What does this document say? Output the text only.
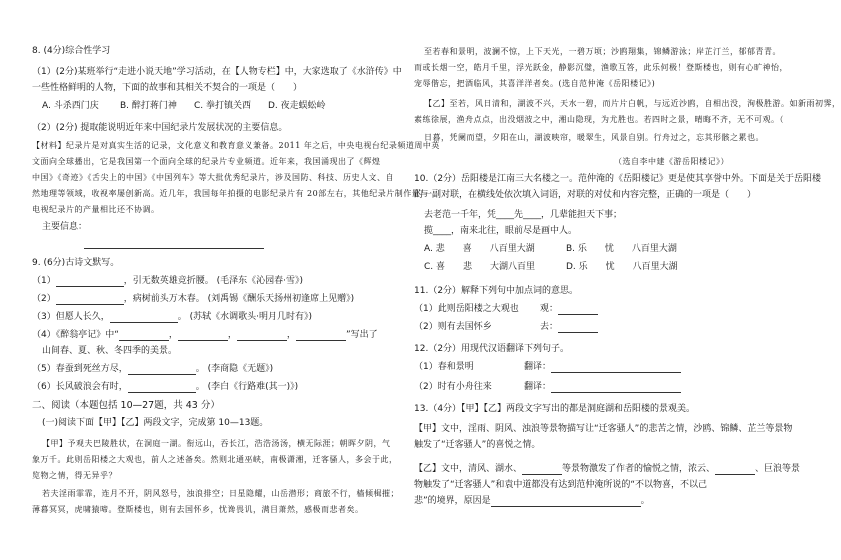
8. (4分)综合性学习
（1）(2分)某班举行“走进小说天地”学习活动，在【人物专栏】中，大家选取了《水浒传》中
一些性格鲜明的人物，下面的故事和其相关不契合的一项是（　　）
A. 斗杀西门庆 B. 醉打蒋门神 C. 拳打镇关西 D. 夜走蜈蚣岭
（2）(2分) 提取能说明近年来中国纪录片发展状况的主要信息。
【材料】纪录片是对真实生活的记录，文化意义和教育意义兼备。2011 年之后，中央电视台纪录频道周中英
文面向全球播出，它是我国第一个面向全球的纪录片专业频道。近年来，我国涌现出了《辉煌
中国》《奇迹》《舌尖上的中国》《中国列车》等大批优秀纪录片，涉及国防、科技、历史人文、自
然地理等领域，收视率屡创新高。近几年，我国每年拍摄的电影纪录片有 20部左右，其他纪录片制作量与
电视纪录片的产量相比还不协调。
主要信息：
9. (6分)古诗文默写。
（1）	，引无数英雄竞折腰。 (毛泽东《沁园春·雪》)
（2）	，病树前头万木春。 (刘禹锡《酬乐天扬州初逢席上见赠》)
（3）但愿人长久，	。 (苏轼《水调歌头·明月几时有》)
（4）《醉翁亭记》中“	，	，	，	”写出了
山间春、夏、秋、冬四季的美景。
（5）春蚕到死丝方尽，	。 (李商隐《无题》)
（6）长风破浪会有时，	。 (李白《行路难(其一)》)
二、阅读（本题包括 10—27题，共 43 分）
(一)阅读下面【甲】【乙】两段文字，完成第 10—13题。
【甲】予观夫巴陵胜状，在洞庭一湖。衔远山，吞长江，浩浩汤汤，横无际涯；朝晖夕阴，气
象万千。此则岳阳楼之大观也，前人之述备矣。然则北通巫峡，南极潇湘，迁客骚人，多会于此，
览物之情，得无异乎？
若夫淫雨霏霏，连月不开，阴风怒号，浊浪排空；日星隐耀，山岳潜形；商旅不行，樯倾楫摧；
薄暮冥冥，虎啸猿啼。登斯楼也，则有去国怀乡，忧谗畏讥，满目萧然，感极而悲者矣。
至若春和景明，波澜不惊，上下天光，一碧万顷；沙鸥翔集，锦鳞游泳；岸芷汀兰，郁郁青青。
而或长烟一空，皓月千里，浮光跃金，静影沉璧，渔歌互答，此乐何极！登斯楼也，则有心旷神怡，
宠辱偕忘，把酒临风，其喜洋洋者矣。(选自范仲淹《岳阳楼记》)
【乙】至若，风日清和，湖波不兴，天水一碧，而片片白帆，与远近沙鸥，自相出没，洵极胜游。如新雨初霁，
素练徐展，渔舟点点，出没烟波之中，湘山隐现，为尤胜也。若四时之景，晴晦不齐，无不可观。（
日暮，凭阑而望，夕阳在山，湖波映帘，暖翠生，风景自别。行舟过之，忘其形骸之累也。
（选自李中建《游岳阳楼记》）
10.（2分）岳阳楼是江南三大名楼之一。范仲淹的《岳阳楼记》更是使其享誉中外。下面是关于岳阳楼
的一副对联，在横线处依次填入词语，对联的对仗和内容完整，正确的一项是（　　）
去老范一千年，凭____先____，几辈能担天下事；
揽____，南来北往，眼前尽是画中人。
A. 悲 喜 八百里大湖	B. 乐 忧 八百里大湖
C. 喜 悲 大湖八百里	D. 乐 忧 八百里大湖
11.（2分）解释下列句中加点词的意思。
（1）此则岳阳楼之大观也 观：
（2）则有去国怀乡	去：
12.（2分）用现代汉语翻译下列句子。
（1）春和景明	翻译：
（2）时有小舟往来	翻译：
13.（4分）【甲】【乙】两段文字写出的都是洞庭湖和岳阳楼的景观美。
【甲】文中，淫雨、阴风、浊浪等景物描写让“迁客骚人”的悲苦之情，沙鸥、锦鳞、芷兰等景物
触发了“迁客骚人”的喜悦之情。
【乙】文中，清风、湖水、	等景物激发了作者的愉悦之情，浓云、	、巨浪等景
物触发了“迁客骚人”和袁中道都没有达到范仲淹所说的“不以物喜，不以己
悲”的境界，原因是	。
